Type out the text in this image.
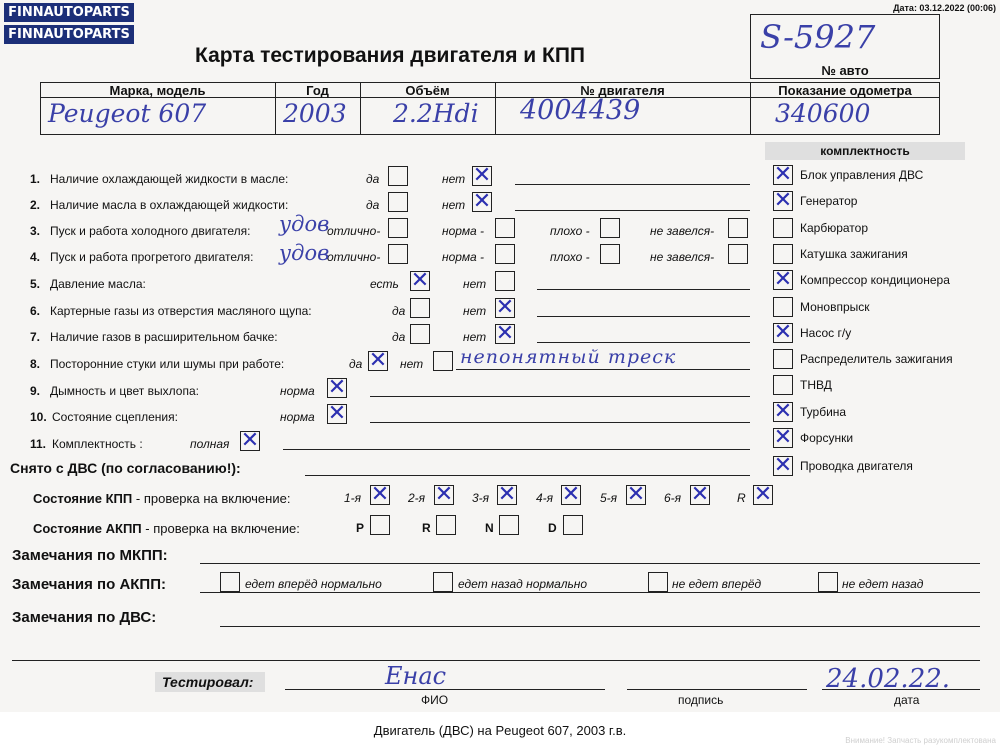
FINNAUTOPARTS
FINNAUTOPARTS
Дата: 03.12.2022 (00:06)
Карта тестирования двигателя и КПП	S-5927
№ авто
Марка, модель	Год	Объём	№ двигателя	Показание одометра
Peugeot 607	2003 2.2Hdi 4004439	340600
комплектность
✕ Блок управления ДВС
✕ Генератор
Карбюратор
Катушка зажигания
✕ Компрессор кондиционера
Моновпрыск
✕ Насос г/у
Распределитель зажигания
ТНВД
✕ Турбина
✕ Форсунки
✕ Проводка двигателя
1. Наличие охлаждающей жидкости в масле:	да	нет ✕
2. Наличие масла в охлаждающей жидкости:	да	нет ✕
3. Пуск и работа холодного двигателя:	отлично-	норма -	плохо -	не завелся-
удов
4. Пуск и работа прогретого двигателя:	отлично-	норма -	плохо -	не завелся-
удов
5. Давление масла:	есть ✕	нет
6. Картерные газы из отверстия масляного щупа:	да	нет ✕
7. Наличие газов в расширительном бачке:	да	нет ✕
8. Посторонние стуки или шумы при работе:	да ✕ нет непонятный треск
9. Дымность и цвет выхлопа:	норма ✕
10. Состояние сцепления:	норма ✕
11. Комплектность :	полная ✕
Снято с ДВС (по согласованию!):
Состояние КПП - проверка на включение:	1-я ✕ 2-я ✕ 3-я ✕ 4-я ✕ 5-я ✕ 6-я ✕ R ✕
Состояние АКПП - проверка на включение:	P	R	N	D
Замечания по МКПП:
Замечания по АКПП:	едет вперёд нормально	едет назад нормально	не едет вперёд	не едет назад
Замечания по ДВС:
Тестировал:	Енас
ФИО	подпись
24.02.22.
дата
Двигатель (ДВС) на Peugeot 607, 2003 г.в.
Внимание! Запчасть разукомплектована
